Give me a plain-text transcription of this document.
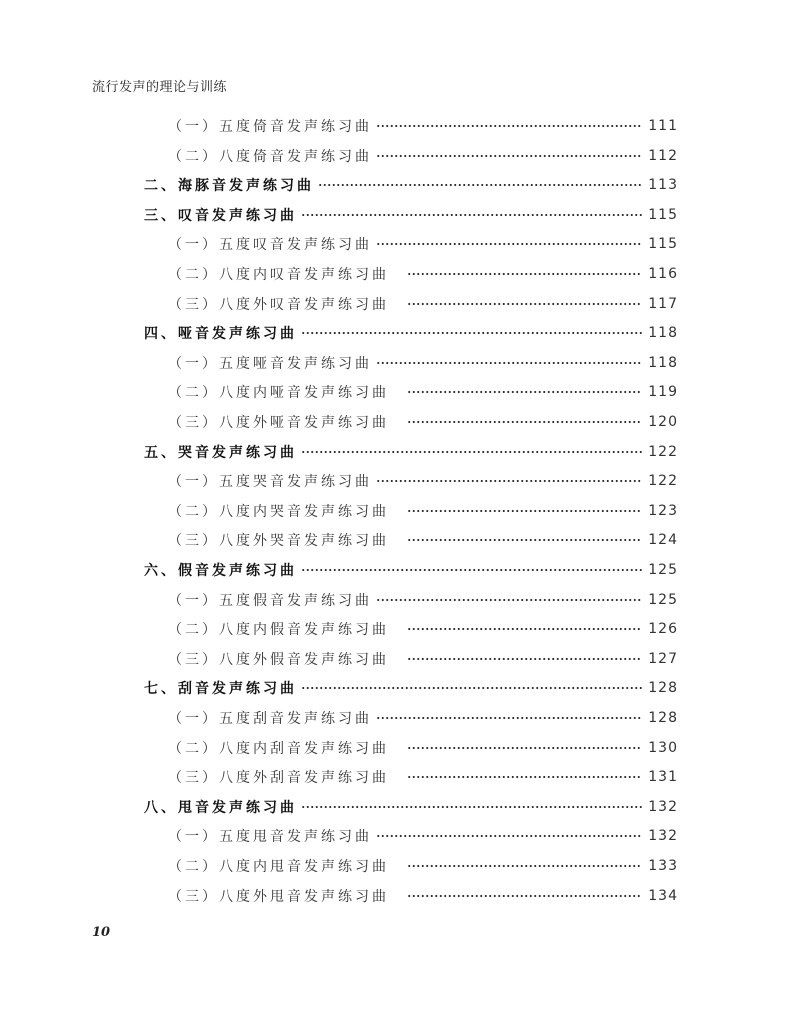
流行发声的理论与训练
（一）五度倚音发声练习曲	111
（二）八度倚音发声练习曲	112
二、海豚音发声练习曲	113
三、叹音发声练习曲	115
（一）五度叹音发声练习曲	115
（二）八度内叹音发声练习曲	116
（三）八度外叹音发声练习曲	117
四、哑音发声练习曲	118
（一）五度哑音发声练习曲	118
（二）八度内哑音发声练习曲	119
（三）八度外哑音发声练习曲	120
五、哭音发声练习曲	122
（一）五度哭音发声练习曲	122
（二）八度内哭音发声练习曲	123
（三）八度外哭音发声练习曲	124
六、假音发声练习曲	125
（一）五度假音发声练习曲	125
（二）八度内假音发声练习曲	126
（三）八度外假音发声练习曲	127
七、刮音发声练习曲	128
（一）五度刮音发声练习曲	128
（二）八度内刮音发声练习曲	130
（三）八度外刮音发声练习曲	131
八、甩音发声练习曲	132
（一）五度甩音发声练习曲	132
（二）八度内甩音发声练习曲	133
（三）八度外甩音发声练习曲	134
10
